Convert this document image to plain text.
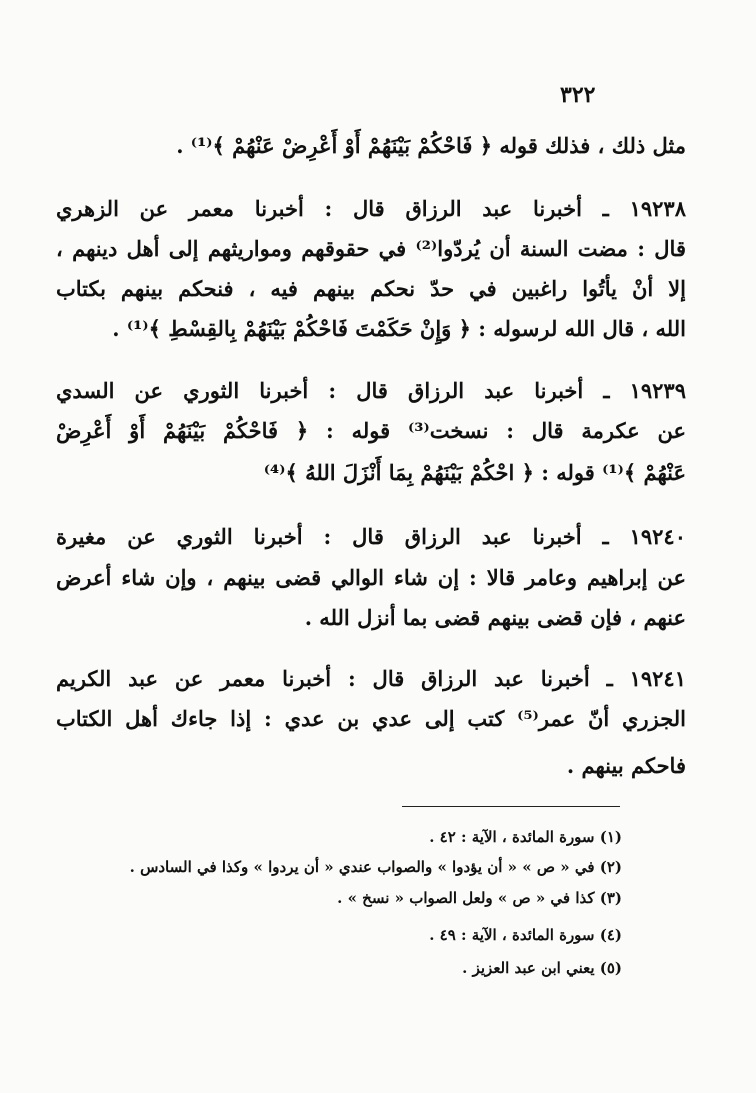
٣٢٢
مثل ذلك ، فذلك قوله ﴿ فَاحْكُمْ بَيْنَهُمْ أَوْ أَعْرِضْ عَنْهُمْ ﴾⁽¹⁾ .
١٩٢٣٨ ـ أخبرنا عبد الرزاق قال : أخبرنا معمر عن الزهري
قال : مضت السنة أن يُردّوا⁽²⁾ في حقوقهم ومواريثهم إلى أهل دينهم ،
إلا أنْ يأتُوا راغبين في حدّ نحكم بينهم فيه ، فنحكم بينهم بكتاب
الله ، قال الله لرسوله : ﴿ وَإِنْ حَكَمْتَ فَاحْكُمْ بَيْنَهُمْ بِالقِسْطِ ﴾⁽¹⁾ .
١٩٢٣٩ ـ أخبرنا عبد الرزاق قال : أخبرنا الثوري عن السدي
عن عكرمة قال : نسخت⁽³⁾ قوله : ﴿ فَاحْكُمْ بَيْنَهُمْ أَوْ أَعْرِضْ
عَنْهُمْ ﴾⁽¹⁾ قوله : ﴿ احْكُمْ بَيْنَهُمْ بِمَا أَنْزَلَ اللهُ ﴾⁽⁴⁾
١٩٢٤٠ ـ أخبرنا عبد الرزاق قال : أخبرنا الثوري عن مغيرة
عن إبراهيم وعامر قالا : إن شاء الوالي قضى بينهم ، وإن شاء أعرض
عنهم ، فإن قضى بينهم قضى بما أنزل الله .
١٩٢٤١ ـ أخبرنا عبد الرزاق قال : أخبرنا معمر عن عبد الكريم
الجزري أنّ عمر⁽⁵⁾ كتب إلى عدي بن عدي : إذا جاءك أهل الكتاب
فاحكم بينهم .
(١) سورة المائدة ، الآية : ٤٢ .
(٢) في « ص » « أن يؤدوا » والصواب عندي « أن يردوا » وكذا في السادس .
(٣) كذا في « ص » ولعل الصواب « نسخ » .
(٤) سورة المائدة ، الآية : ٤٩ .
(٥) يعني ابن عبد العزيز .
